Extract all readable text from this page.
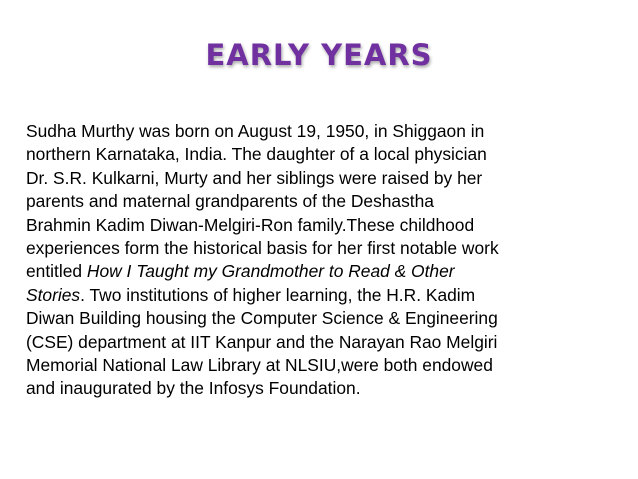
EARLY YEARS

Sudha Murthy was born on August 19, 1950, in Shiggaon in
northern Karnataka, India. The daughter of a local physician
Dr. S.R. Kulkarni, Murty and her siblings were raised by her
parents and maternal grandparents of the Deshastha
Brahmin Kadim Diwan-Melgiri-Ron family.These childhood
experiences form the historical basis for her first notable work
entitled How I Taught my Grandmother to Read & Other
Stories. Two institutions of higher learning, the H.R. Kadim
Diwan Building housing the Computer Science & Engineering
(CSE) department at IIT Kanpur and the Narayan Rao Melgiri
Memorial National Law Library at NLSIU,were both endowed
and inaugurated by the Infosys Foundation.
